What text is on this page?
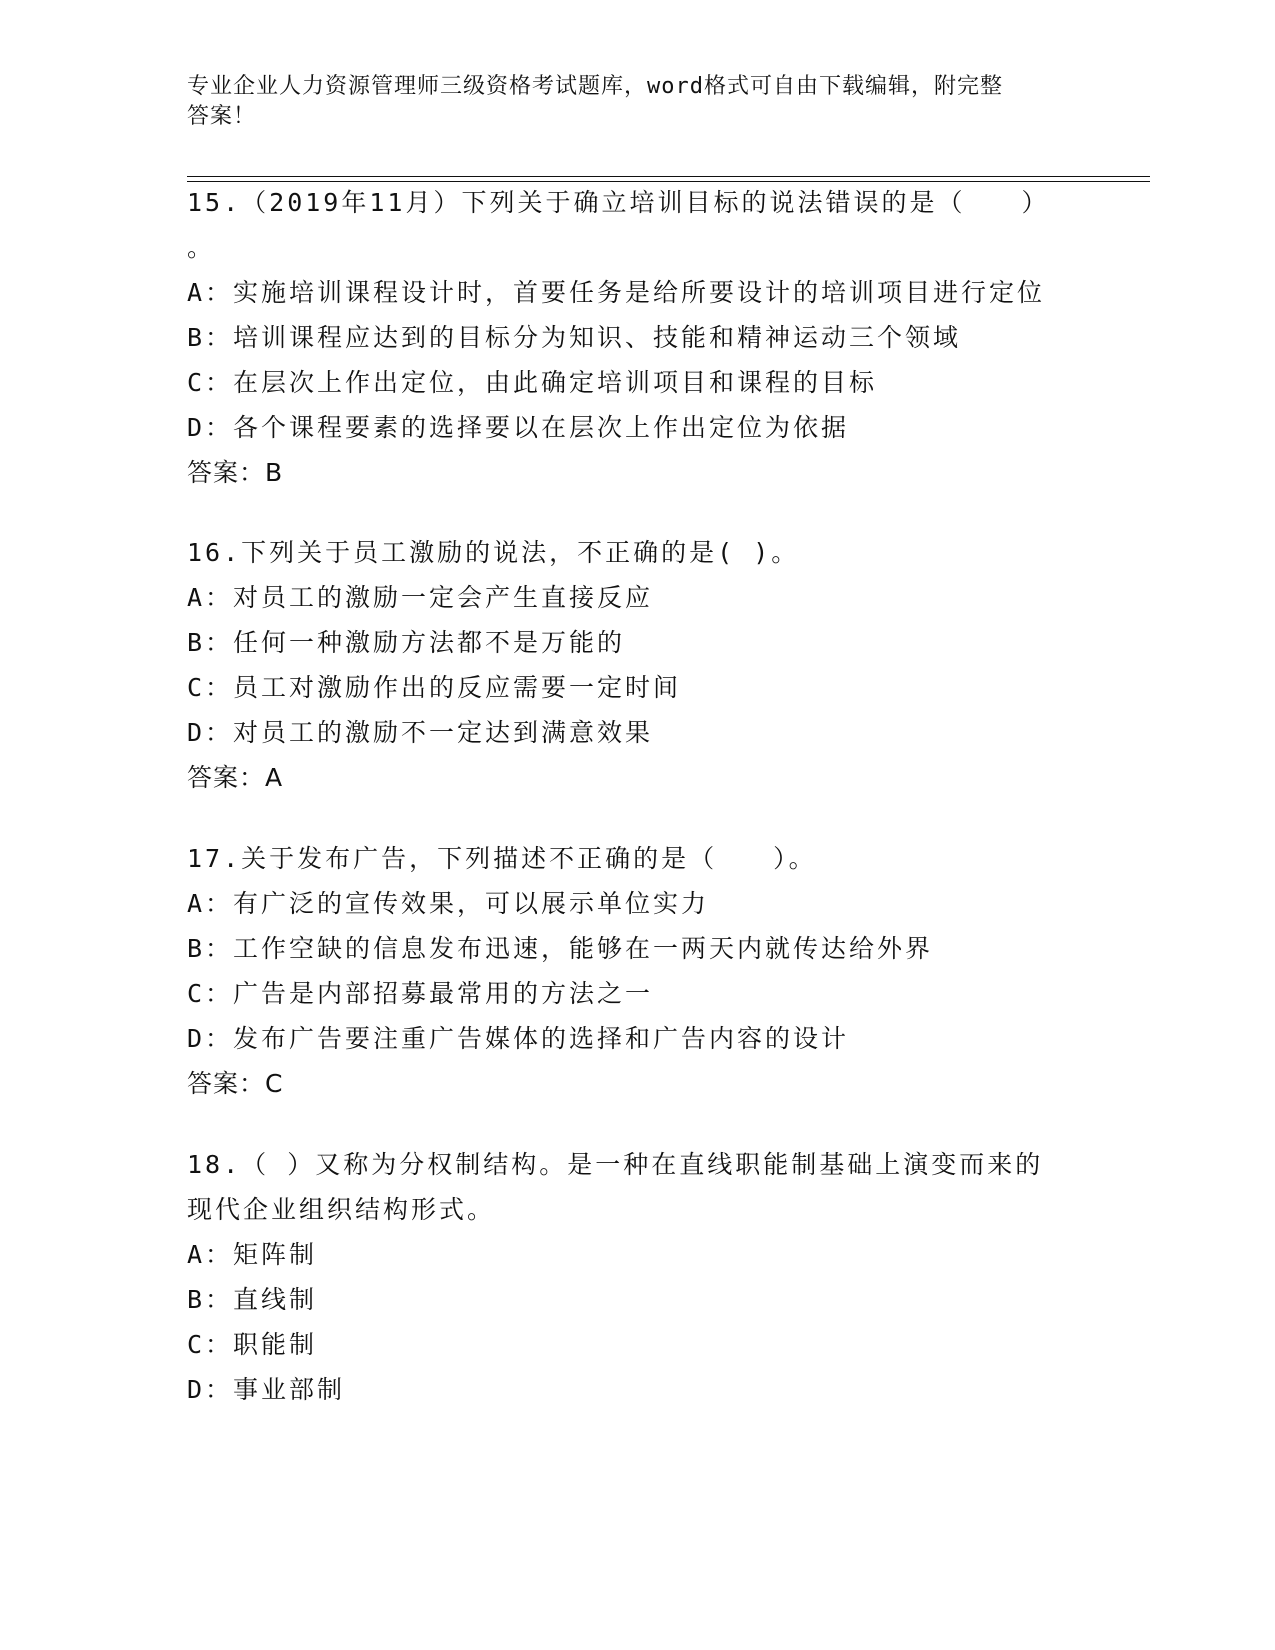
专业企业人力资源管理师三级资格考试题库，word格式可自由下载编辑，附完整
答案！
15.（2019年11月）下列关于确立培训目标的说法错误的是（　　）
。
A：实施培训课程设计时，首要任务是给所要设计的培训项目进行定位
B：培训课程应达到的目标分为知识、技能和精神运动三个领域
C：在层次上作出定位，由此确定培训项目和课程的目标
D：各个课程要素的选择要以在层次上作出定位为依据
答案：B
16.下列关于员工激励的说法，不正确的是( )。
A：对员工的激励一定会产生直接反应
B：任何一种激励方法都不是万能的
C：员工对激励作出的反应需要一定时间
D：对员工的激励不一定达到满意效果
答案：A
17.关于发布广告，下列描述不正确的是（　　）。
A：有广泛的宣传效果，可以展示单位实力
B：工作空缺的信息发布迅速，能够在一两天内就传达给外界
C：广告是内部招募最常用的方法之一
D：发布广告要注重广告媒体的选择和广告内容的设计
答案：C
18.（ ）又称为分权制结构。是一种在直线职能制基础上演变而来的
现代企业组织结构形式。
A：矩阵制
B：直线制
C：职能制
D：事业部制
